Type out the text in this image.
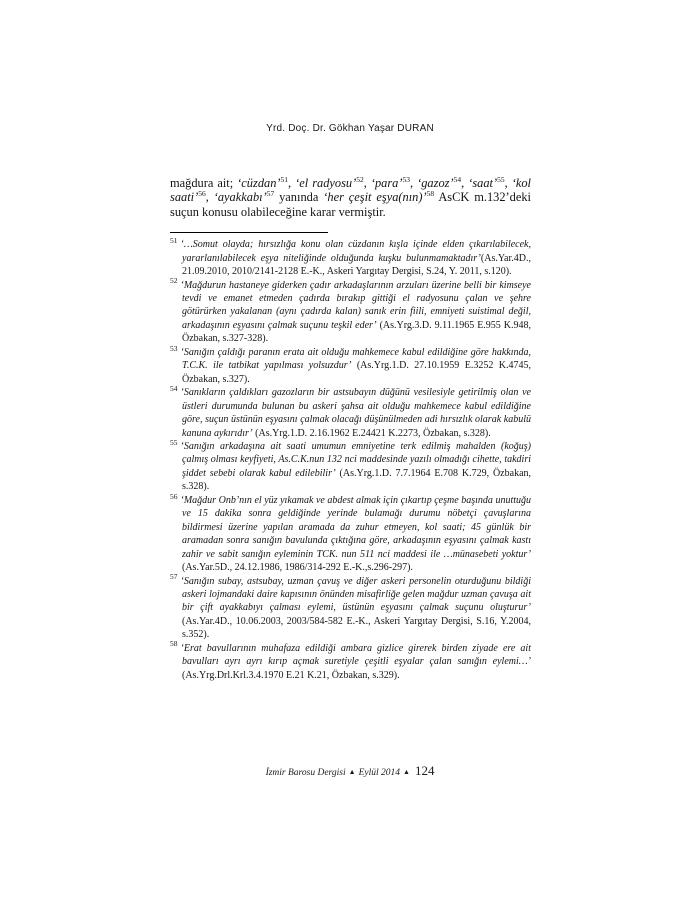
Yrd. Doç. Dr. Gökhan Yaşar DURAN

mağdura ait; ‘cüzdan’$^{51}$, ‘el radyosu’$^{52}$, ‘para’$^{53}$, ‘gazoz’$^{54}$, ‘saat’$^{55}$, ‘kol saati’$^{56}$, ‘ayakkabı’$^{57}$ yanında ‘her çeşit eşya(nın)’$^{58}$ AsCK m.132’deki suçun konusu olabileceğine karar vermiştir.

$^{51}$ ‘…Somut olayda; hırsızlığa konu olan cüzdanın kışla içinde elden çıkarılabilecek, yararlanılabilecek eşya niteliğinde olduğunda kuşku bulunmamaktadır’(As.Yar.4D., 21.09.2010, 2010/2141-2128 E.-K., Askeri Yargıtay Dergisi, S.24, Y. 2011, s.120).
$^{52}$ ‘Mağdurun hastaneye giderken çadır arkadaşlarının arzuları üzerine belli bir kimseye tevdi ve emanet etmeden çadırda bırakıp gittiği el radyosunu çalan ve şehre götürürken yakalanan (aynı çadırda kalan) sanık erin fiili, emniyeti suistimal değil, arkadaşının eşyasını çalmak suçunu teşkil eder’ (As.Yrg.3.D. 9.11.1965 E.955 K.948, Özbakan, s.327-328).
$^{53}$ ‘Sanığın çaldığı paranın erata ait olduğu mahkemece kabul edildiğine göre hakkında, T.C.K. ile tatbikat yapılması yolsuzdur’ (As.Yrg.1.D. 27.10.1959 E.3252 K.4745, Özbakan, s.327).
$^{54}$ ‘Sanıkların çaldıkları gazozların bir astsubayın düğünü vesilesiyle getirilmiş olan ve üstleri durumunda bulunan bu askeri şahsa ait olduğu mahkemece kabul edildiğine göre, suçun üstünün eşyasını çalmak olacağı düşünülmeden adi hırsızlık olarak kabulü kanuna aykırıdır’ (As.Yrg.1.D. 2.16.1962 E.24421 K.2273, Özbakan, s.328).
$^{55}$ ‘Sanığın arkadaşına ait saati umumun emniyetine terk edilmiş mahalden (koğuş) çalmış olması keyfiyeti, As.C.K.nun 132 nci maddesinde yazılı olmadığı cihette, takdiri şiddet sebebi olarak kabul edilebilir’ (As.Yrg.1.D. 7.7.1964 E.708 K.729, Özbakan, s.328).
$^{56}$ ‘Mağdur Onb’nın el yüz yıkamak ve abdest almak için çıkartıp çeşme başında unuttuğu ve 15 dakika sonra geldiğinde yerinde bulamağı durumu nöbetçi çavuşlarına bildirmesi üzerine yapılan aramada da zuhur etmeyen, kol saati; 45 günlük bir aramadan sonra sanığın bavulunda çıktığına göre, arkadaşının eşyasını çalmak kastı zahir ve sabit sanığın eyleminin TCK. nun 511 nci maddesi ile …münasebeti yoktur’ (As.Yar.5D., 24.12.1986, 1986/314-292 E.-K.,s.296-297).
$^{57}$ ‘Sanığın subay, astsubay, uzman çavuş ve diğer askeri personelin oturduğunu bildiği askeri lojmandaki daire kapısının önünden misafirliğe gelen mağdur uzman çavuşa ait bir çift ayakkabıyı çalması eylemi, üstünün eşyasını çalmak suçunu oluşturur’ (As.Yar.4D., 10.06.2003, 2003/584-582 E.-K., Askeri Yargıtay Dergisi, S.16, Y.2004, s.352).
$^{58}$ ‘Erat bavullarının muhafaza edildiği ambara gizlice girerek birden ziyade ere ait bavulları ayrı ayrı kırıp açmak suretiyle çeşitli eşyalar çalan sanığın eylemi…’ (As.Yrg.Drl.Krl.3.4.1970 E.21 K.21, Özbakan, s.329).
İzmir Barosu Dergisi ▲ Eylül 2014 ▲ 124
